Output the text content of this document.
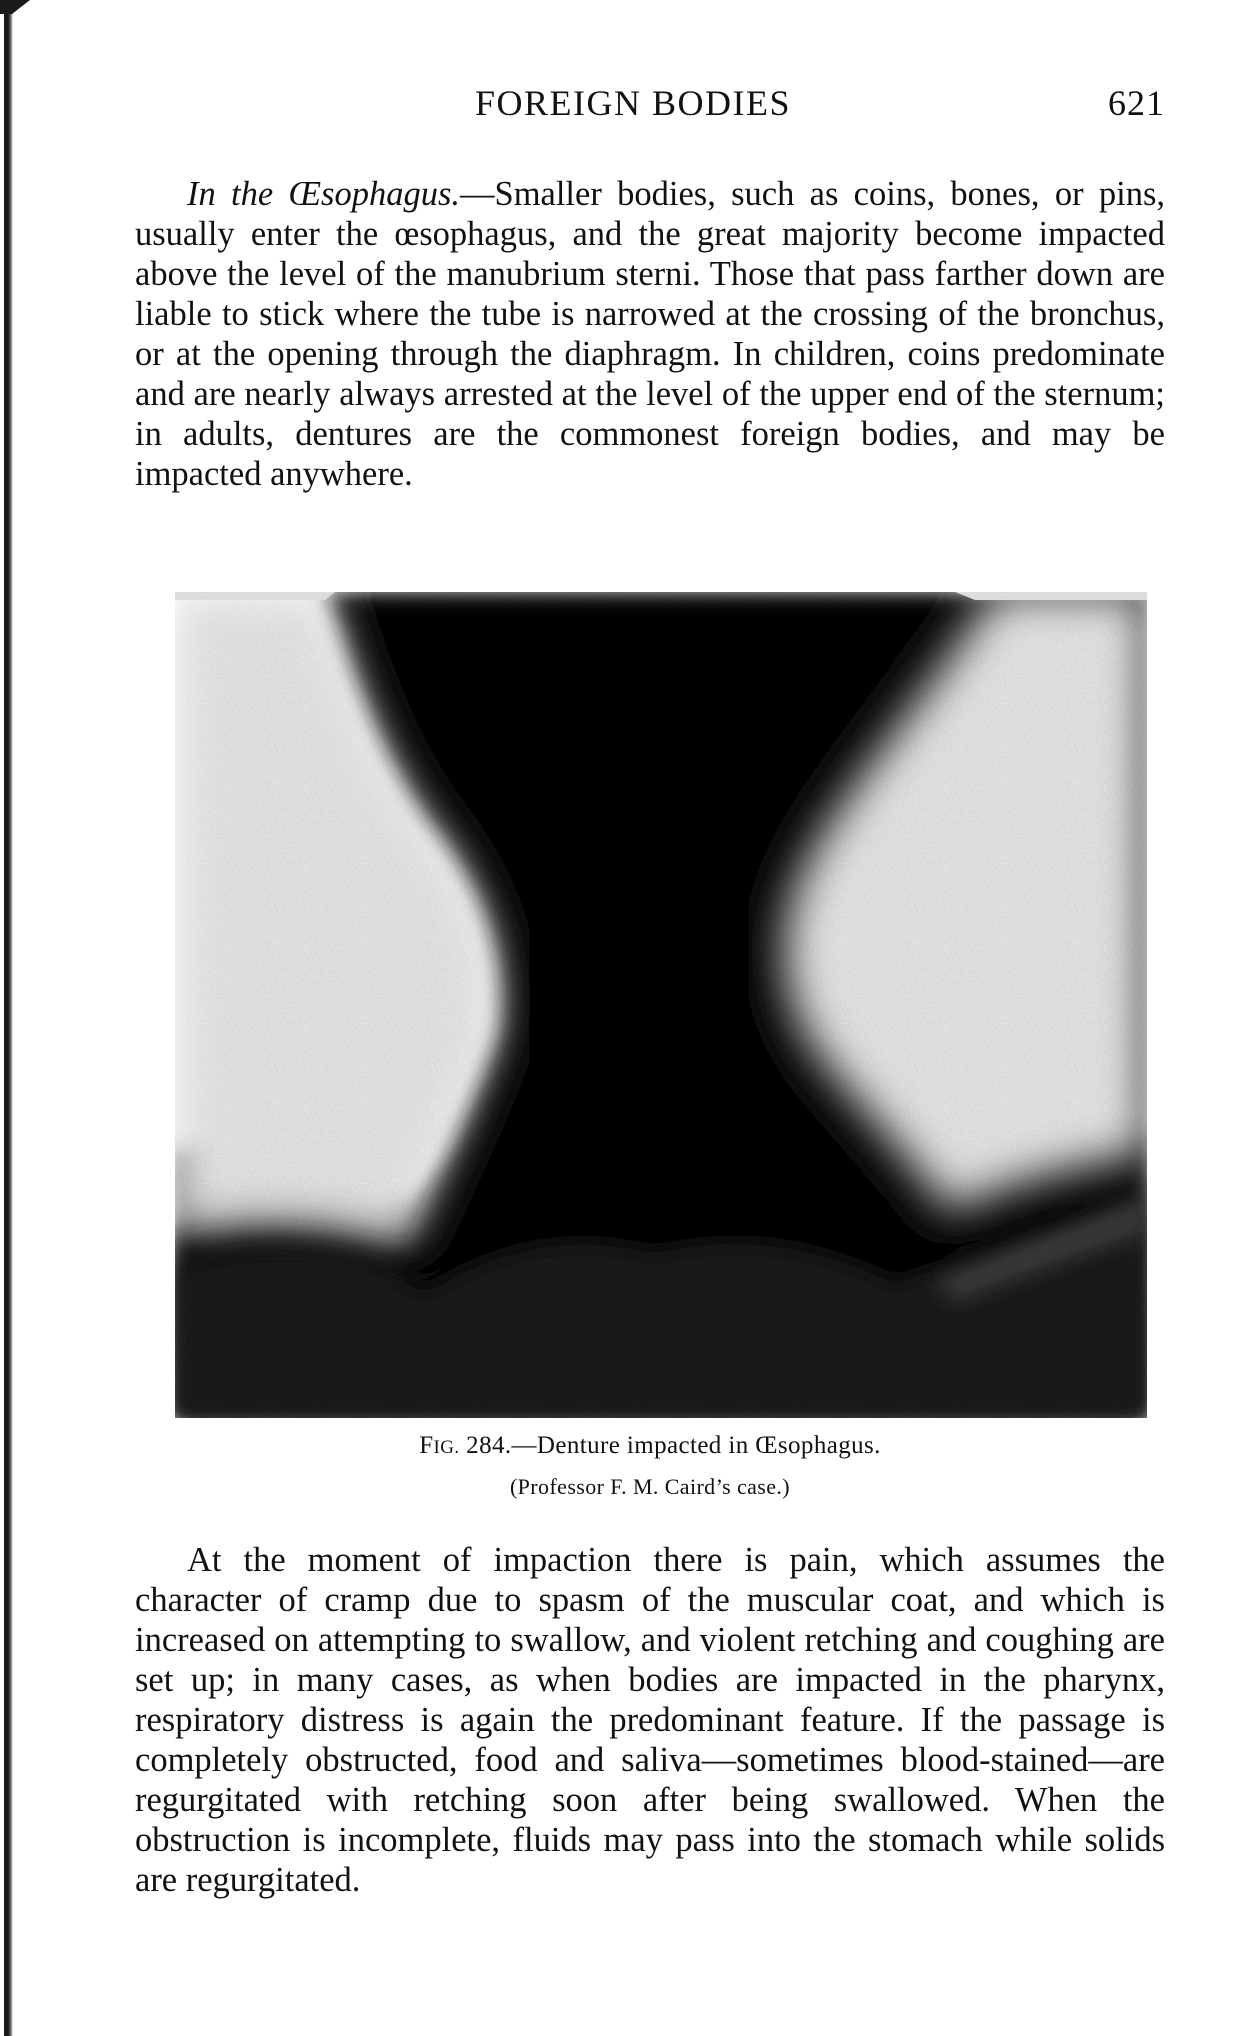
FOREIGN BODIES	621

In the Œsophagus.—Smaller bodies, such as coins, bones, or pins, usually enter the œsophagus, and the great majority become impacted above the level of the manubrium sterni. Those that pass farther down are liable to stick where the tube is narrowed at the crossing of the bronchus, or at the opening through the diaphragm. In children, coins predominate and are nearly always arrested at the level of the upper end of the sternum; in adults, dentures are the commonest foreign bodies, and may be impacted anywhere.

FIG. 284.—Denture impacted in Œsophagus.

(Professor F. M. Caird’s case.)

At the moment of impaction there is pain, which assumes the character of cramp due to spasm of the muscular coat, and which is increased on attempting to swallow, and violent retching and coughing are set up; in many cases, as when bodies are impacted in the pharynx, respiratory distress is again the predominant feature. If the passage is completely obstructed, food and saliva—sometimes blood-stained—are regurgitated with retching soon after being swallowed. When the obstruction is incomplete, fluids may pass into the stomach while solids are regurgitated.
